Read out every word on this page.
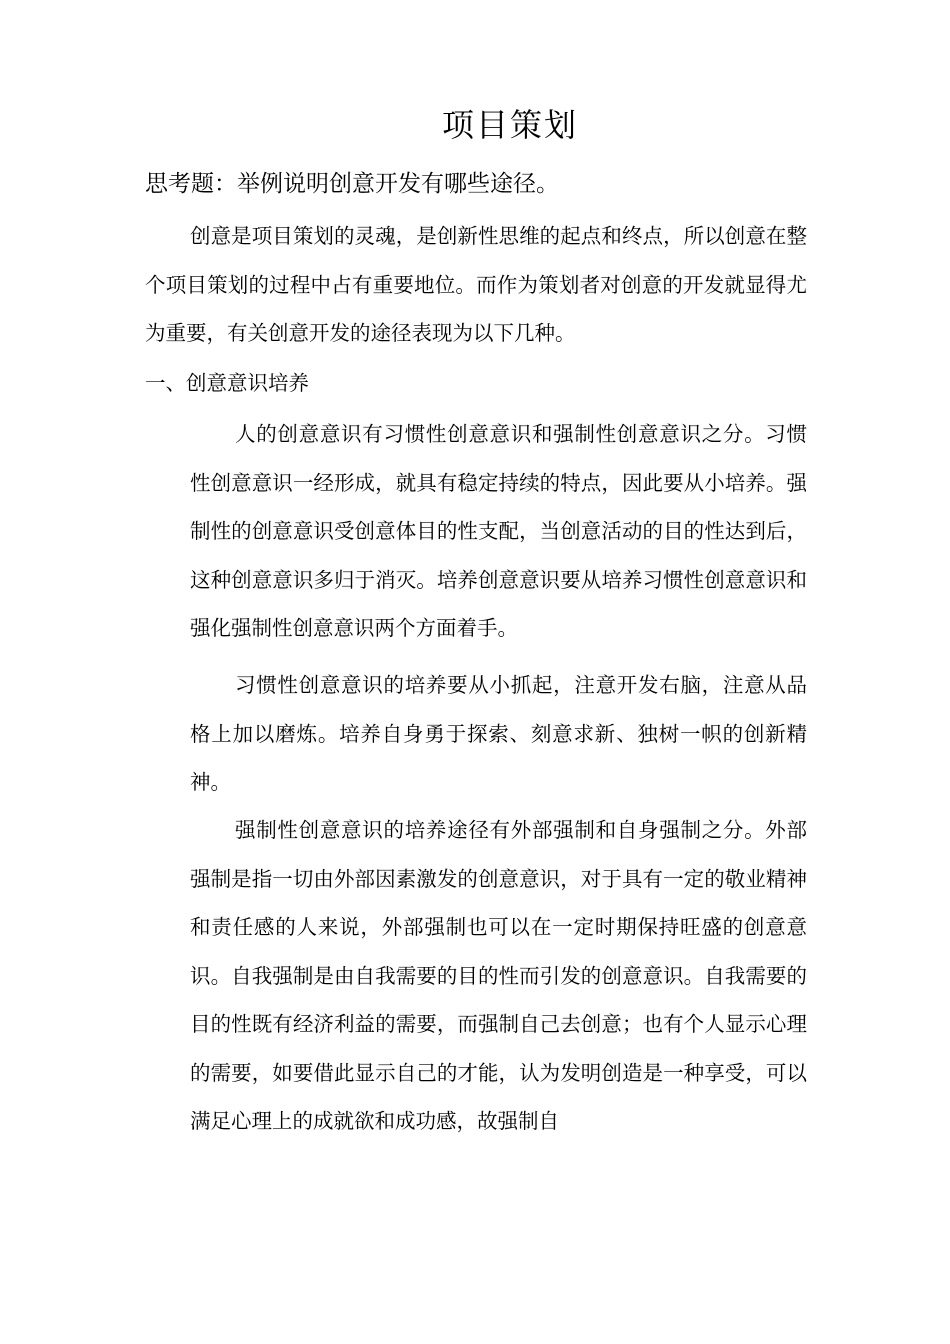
项目策划
思考题：举例说明创意开发有哪些途径。

创意是项目策划的灵魂，是创新性思维的起点和终点，所以创意在整个项目策划的过程中占有重要地位。而作为策划者对创意的开发就显得尤为重要，有关创意开发的途径表现为以下几种。

一、创意意识培养

人的创意意识有习惯性创意意识和强制性创意意识之分。习惯性创意意识一经形成，就具有稳定持续的特点，因此要从小培养。强制性的创意意识受创意体目的性支配，当创意活动的目的性达到后，这种创意意识多归于消灭。培养创意意识要从培养习惯性创意意识和强化强制性创意意识两个方面着手。

习惯性创意意识的培养要从小抓起，注意开发右脑，注意从品格上加以磨炼。培养自身勇于探索、刻意求新、独树一帜的创新精神。

强制性创意意识的培养途径有外部强制和自身强制之分。外部强制是指一切由外部因素激发的创意意识，对于具有一定的敬业精神和责任感的人来说，外部强制也可以在一定时期保持旺盛的创意意识。自我强制是由自我需要的目的性而引发的创意意识。自我需要的目的性既有经济利益的需要，而强制自己去创意；也有个人显示心理的需要，如要借此显示自己的才能，认为发明创造是一种享受，可以满足心理上的成就欲和成功感，故强制自
